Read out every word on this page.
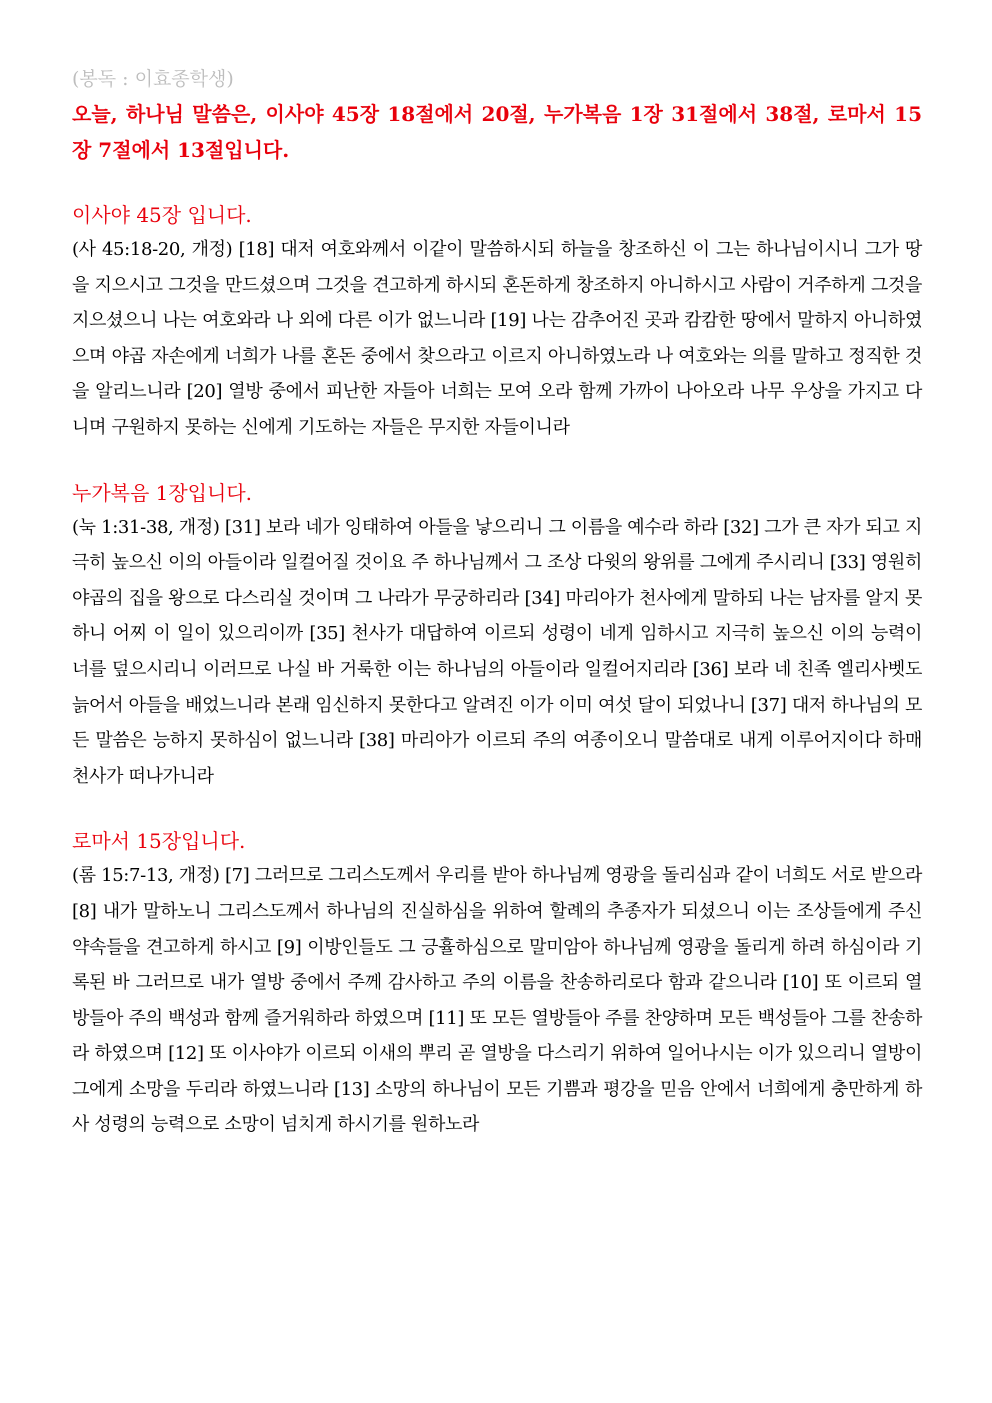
(봉독 : 이효종학생)

오늘, 하나님 말씀은, 이사야 45장 18절에서 20절, 누가복음 1장 31절에서 38절, 로마서 15장 7절에서 13절입니다.

이사야 45장 입니다.

(사 45:18-20, 개정) [18] 대저 여호와께서 이같이 말씀하시되 하늘을 창조하신 이 그는 하나님이시니 그가 땅을 지으시고 그것을 만드셨으며 그것을 견고하게 하시되 혼돈하게 창조하지 아니하시고 사람이 거주하게 그것을 지으셨으니 나는 여호와라 나 외에 다른 이가 없느니라 [19] 나는 감추어진 곳과 캄캄한 땅에서 말하지 아니하였으며 야곱 자손에게 너희가 나를 혼돈 중에서 찾으라고 이르지 아니하였노라 나 여호와는 의를 말하고 정직한 것을 알리느니라 [20] 열방 중에서 피난한 자들아 너희는 모여 오라 함께 가까이 나아오라 나무 우상을 가지고 다니며 구원하지 못하는 신에게 기도하는 자들은 무지한 자들이니라

누가복음 1장입니다.

(눅 1:31-38, 개정) [31] 보라 네가 잉태하여 아들을 낳으리니 그 이름을 예수라 하라 [32] 그가 큰 자가 되고 지극히 높으신 이의 아들이라 일컬어질 것이요 주 하나님께서 그 조상 다윗의 왕위를 그에게 주시리니 [33] 영원히 야곱의 집을 왕으로 다스리실 것이며 그 나라가 무궁하리라 [34] 마리아가 천사에게 말하되 나는 남자를 알지 못하니 어찌 이 일이 있으리이까 [35] 천사가 대답하여 이르되 성령이 네게 임하시고 지극히 높으신 이의 능력이 너를 덮으시리니 이러므로 나실 바 거룩한 이는 하나님의 아들이라 일컬어지리라 [36] 보라 네 친족 엘리사벳도 늙어서 아들을 배었느니라 본래 임신하지 못한다고 알려진 이가 이미 여섯 달이 되었나니 [37] 대저 하나님의 모든 말씀은 능하지 못하심이 없느니라 [38] 마리아가 이르되 주의 여종이오니 말씀대로 내게 이루어지이다 하매 천사가 떠나가니라

로마서 15장입니다.

(롬 15:7-13, 개정) [7] 그러므로 그리스도께서 우리를 받아 하나님께 영광을 돌리심과 같이 너희도 서로 받으라 [8] 내가 말하노니 그리스도께서 하나님의 진실하심을 위하여 할례의 추종자가 되셨으니 이는 조상들에게 주신 약속들을 견고하게 하시고 [9] 이방인들도 그 긍휼하심으로 말미암아 하나님께 영광을 돌리게 하려 하심이라 기록된 바 그러므로 내가 열방 중에서 주께 감사하고 주의 이름을 찬송하리로다 함과 같으니라 [10] 또 이르되 열방들아 주의 백성과 함께 즐거워하라 하였으며 [11] 또 모든 열방들아 주를 찬양하며 모든 백성들아 그를 찬송하라 하였으며 [12] 또 이사야가 이르되 이새의 뿌리 곧 열방을 다스리기 위하여 일어나시는 이가 있으리니 열방이 그에게 소망을 두리라 하였느니라 [13] 소망의 하나님이 모든 기쁨과 평강을 믿음 안에서 너희에게 충만하게 하사 성령의 능력으로 소망이 넘치게 하시기를 원하노라
